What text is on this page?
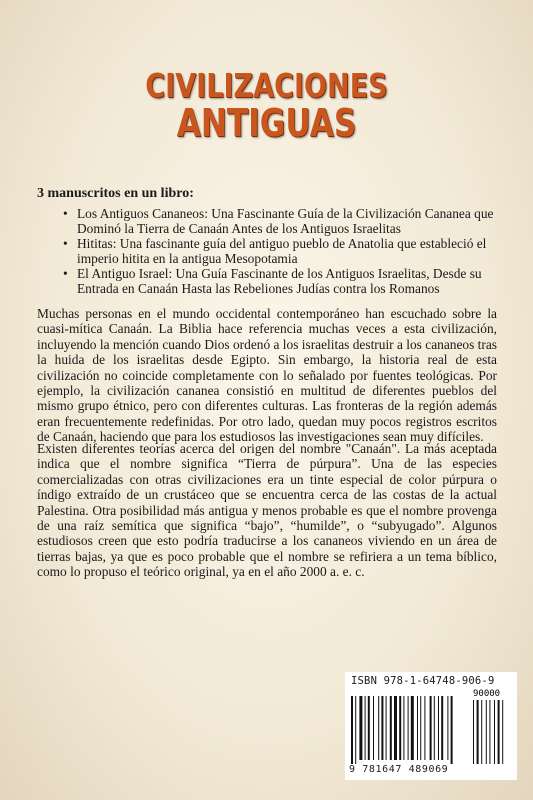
CIVILIZACIONES
ANTIGUAS
3 manuscritos en un libro:
• Los Antiguos Cananeos: Una Fascinante Guía de la Civilización Cananea que Dominó la Tierra de Canaán Antes de los Antiguos Israelitas
• Hititas: Una fascinante guía del antiguo pueblo de Anatolia que estableció el imperio hitita en la antigua Mesopotamia
• El Antiguo Israel: Una Guía Fascinante de los Antiguos Israelitas, Desde su Entrada en Canaán Hasta las Rebeliones Judías contra los Romanos

Muchas personas en el mundo occidental contemporáneo han escuchado sobre la cuasi-mítica Canaán. La Biblia hace referencia muchas veces a esta civilización, incluyendo la mención cuando Dios ordenó a los israelitas destruir a los cananeos tras la huida de los israelitas desde Egipto. Sin embargo, la historia real de esta civilización no coincide completamente con lo señalado por fuentes teológicas. Por ejemplo, la civilización cananea consistió en multitud de diferentes pueblos del mismo grupo étnico, pero con diferentes culturas. Las fronteras de la región además eran frecuentemente redefinidas. Por otro lado, quedan muy pocos registros escritos de Canaán, haciendo que para los estudiosos las investigaciones sean muy difíciles.

Existen diferentes teorías acerca del origen del nombre "Canaán". La más aceptada indica que el nombre significa “Tierra de púrpura”. Una de las especies comercializadas con otras civilizaciones era un tinte especial de color púrpura o índigo extraído de un crustáceo que se encuentra cerca de las costas de la actual Palestina. Otra posibilidad más antigua y menos probable es que el nombre provenga de una raíz semítica que significa “bajo”, “humilde”, o “subyugado”. Algunos estudiosos creen que esto podría traducirse a los cananeos viviendo en un área de tierras bajas, ya que es poco probable que el nombre se refiriera a un tema bíblico, como lo propuso el teórico original, ya en el año 2000 a. e. c.

ISBN 978-1-64748-906-9
90000
9 781647 489069
